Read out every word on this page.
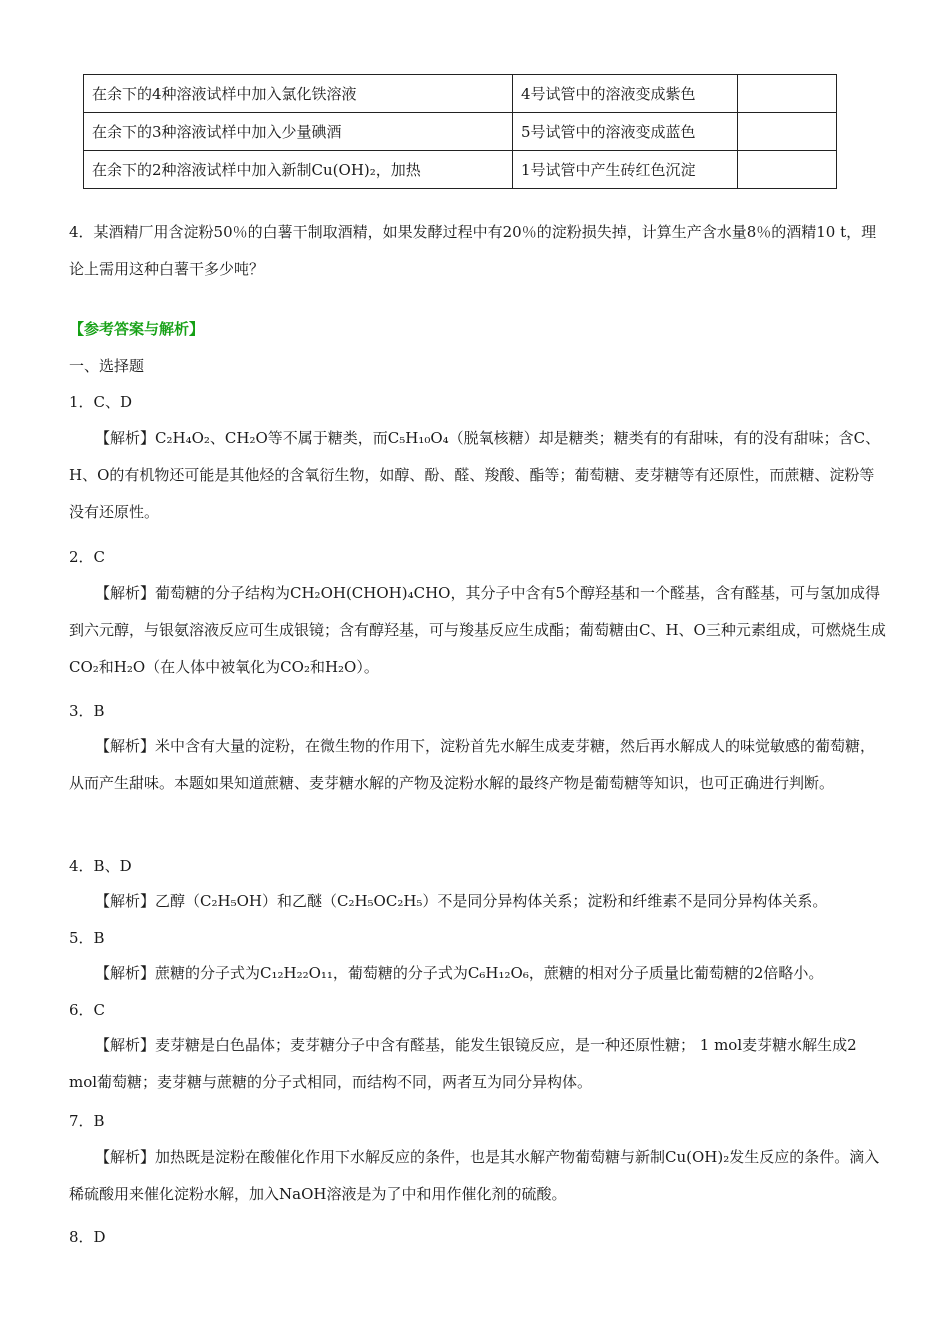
在余下的4种溶液试样中加入氯化铁溶液	4号试管中的溶液变成紫色	
在余下的3种溶液试样中加入少量碘酒	5号试管中的溶液变成蓝色	
在余下的2种溶液试样中加入新制Cu(OH)₂，加热	1号试管中产生砖红色沉淀	

4．某酒精厂用含淀粉50％的白薯干制取酒精，如果发酵过程中有20％的淀粉损失掉，计算生产含水量8％的酒精10 t，理论上需用这种白薯干多少吨？

【参考答案与解析】
一、选择题
1．C、D

【解析】C₂H₄O₂、CH₂O等不属于糖类，而C₅H₁₀O₄（脱氧核糖）却是糖类；糖类有的有甜味，有的没有甜味；含C、H、O的有机物还可能是其他烃的含氧衍生物，如醇、酚、醛、羧酸、酯等；葡萄糖、麦芽糖等有还原性，而蔗糖、淀粉等没有还原性。

2．C

【解析】葡萄糖的分子结构为CH₂OH(CHOH)₄CHO，其分子中含有5个醇羟基和一个醛基，含有醛基，可与氢加成得到六元醇，与银氨溶液反应可生成银镜；含有醇羟基，可与羧基反应生成酯；葡萄糖由C、H、O三种元素组成，可燃烧生成CO₂和H₂O（在人体中被氧化为CO₂和H₂O）。

3．B

【解析】米中含有大量的淀粉，在微生物的作用下，淀粉首先水解生成麦芽糖，然后再水解成人的味觉敏感的葡萄糖，从而产生甜味。本题如果知道蔗糖、麦芽糖水解的产物及淀粉水解的最终产物是葡萄糖等知识，也可正确进行判断。

4．B、D

【解析】乙醇（C₂H₅OH）和乙醚（C₂H₅OC₂H₅）不是同分异构体关系；淀粉和纤维素不是同分异构体关系。

5．B

【解析】蔗糖的分子式为C₁₂H₂₂O₁₁，葡萄糖的分子式为C₆H₁₂O₆，蔗糖的相对分子质量比葡萄糖的2倍略小。

6．C

【解析】麦芽糖是白色晶体；麦芽糖分子中含有醛基，能发生银镜反应，是一种还原性糖； 1 mol麦芽糖水解生成2 mol葡萄糖；麦芽糖与蔗糖的分子式相同，而结构不同，两者互为同分异构体。

7．B

【解析】加热既是淀粉在酸催化作用下水解反应的条件，也是其水解产物葡萄糖与新制Cu(OH)₂发生反应的条件。滴入稀硫酸用来催化淀粉水解，加入NaOH溶液是为了中和用作催化剂的硫酸。

8．D
